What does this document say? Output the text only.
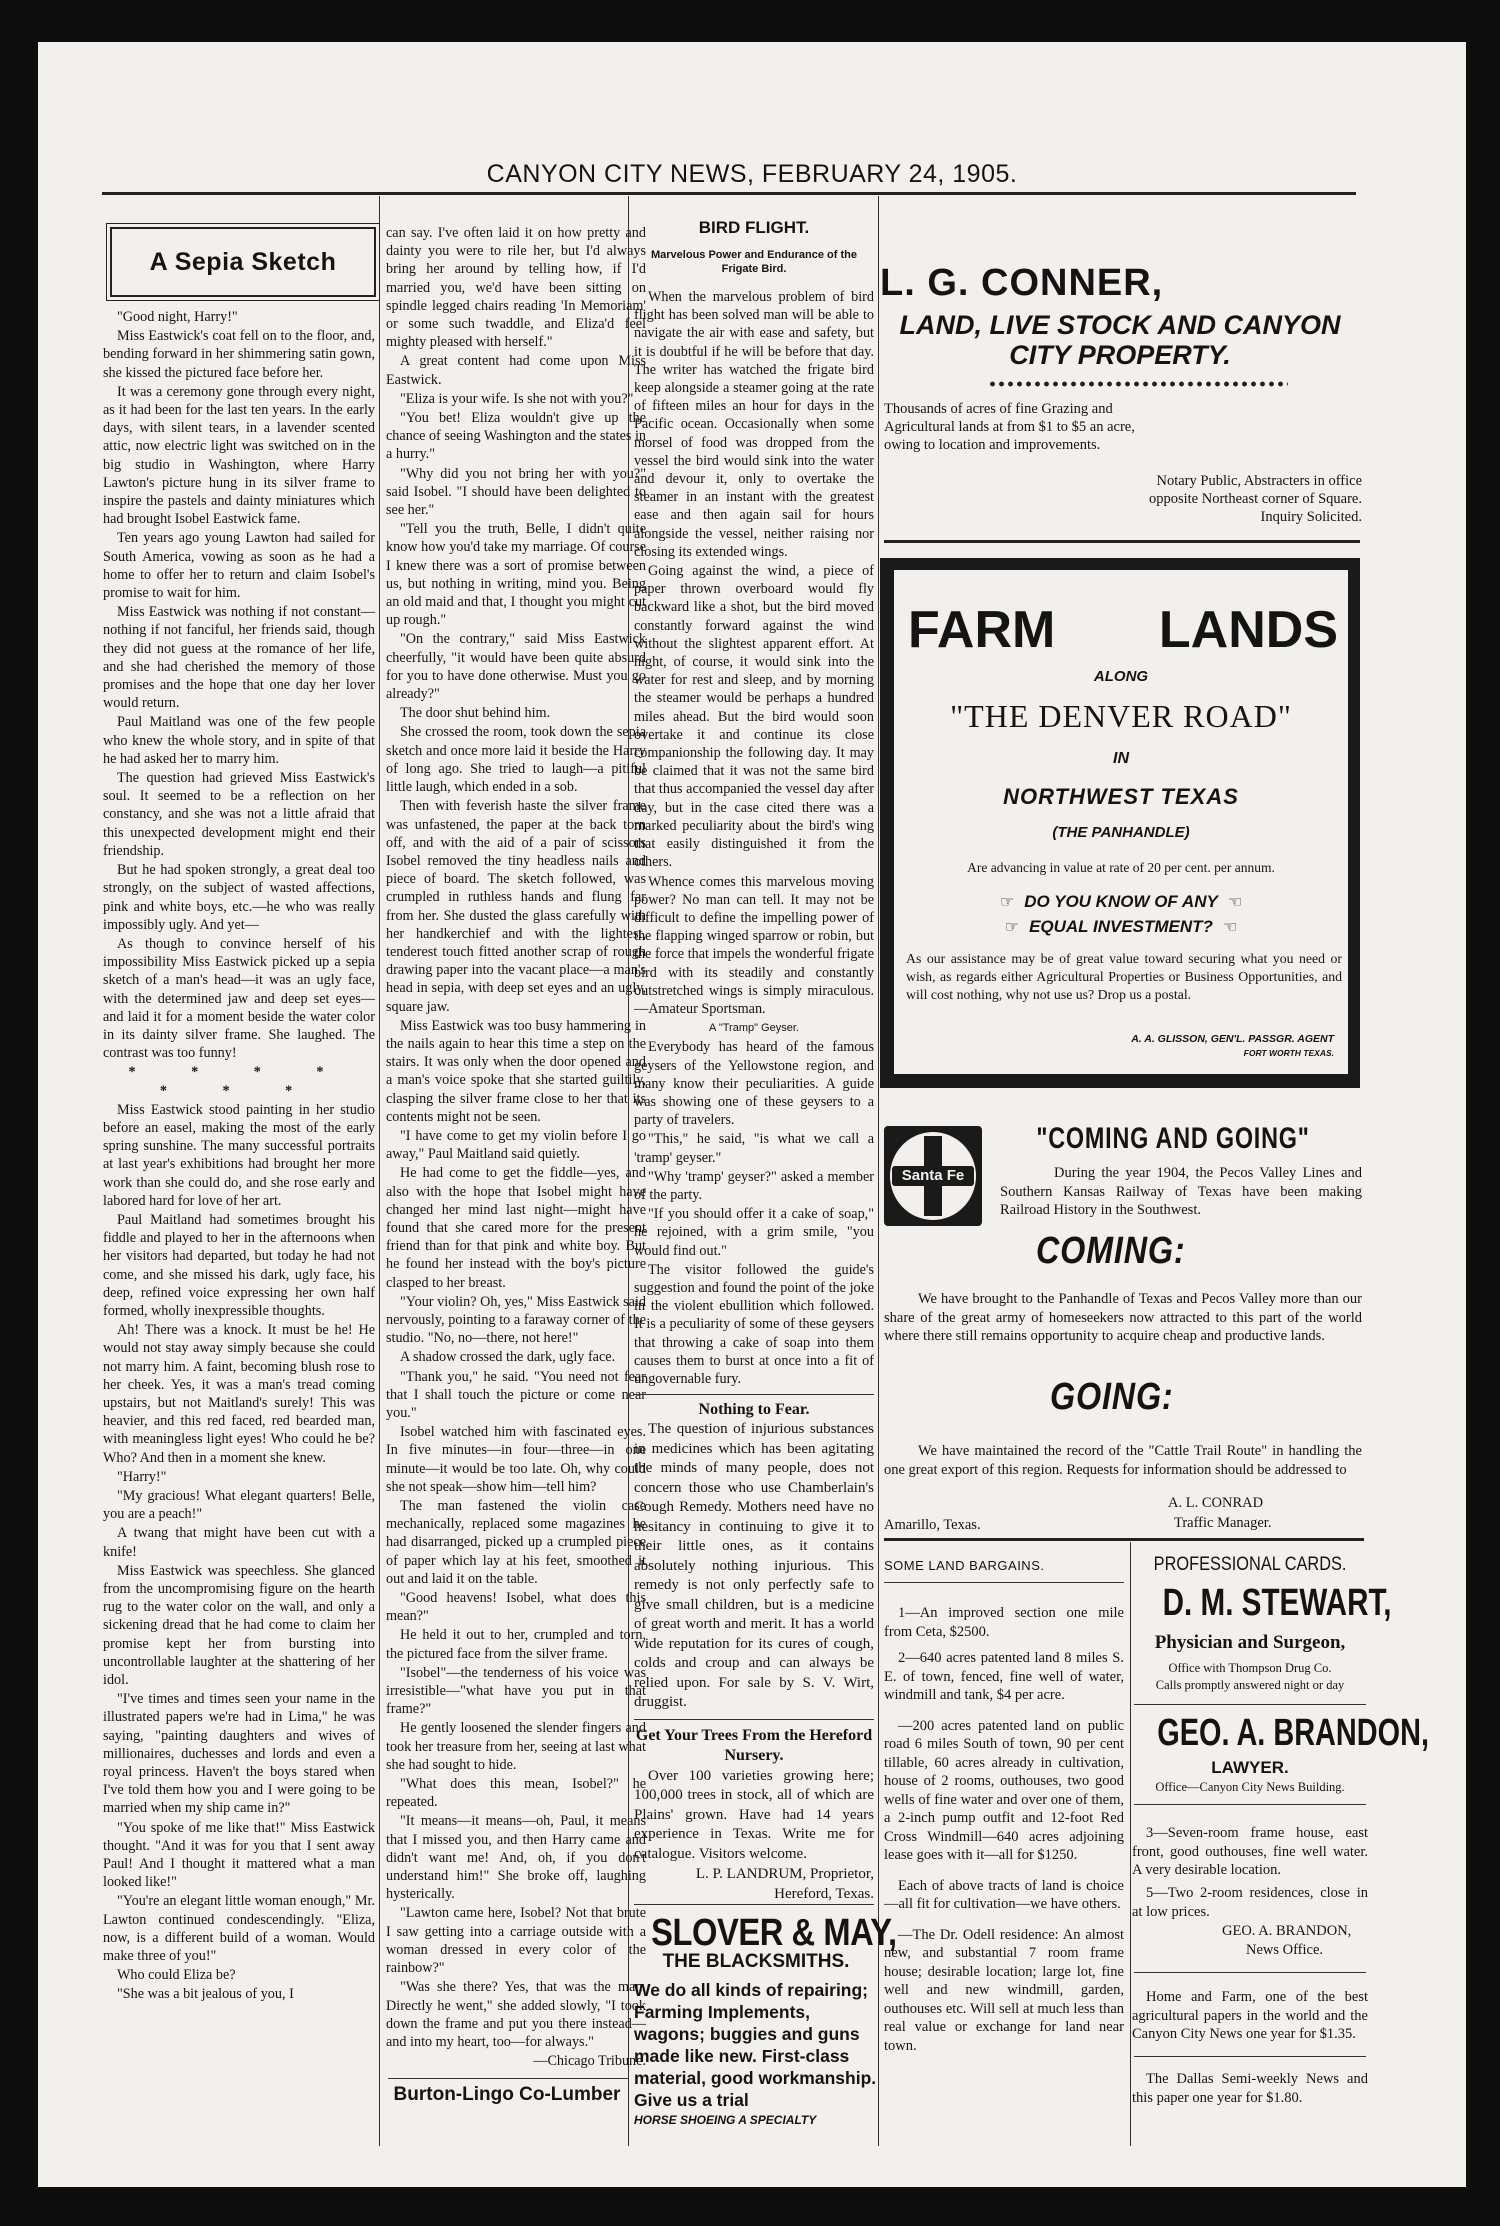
CANYON CITY NEWS, FEBRUARY 24, 1905.
A Sepia Sketch

"Good night, Harry!"

Miss Eastwick's coat fell on to the floor, and, bending forward in her shimmering satin gown, she kissed the pictured face before her.

It was a ceremony gone through every night, as it had been for the last ten years. In the early days, with silent tears, in a lavender scented attic, now electric light was switched on in the big studio in Washington, where Harry Lawton's picture hung in its silver frame to inspire the pastels and dainty miniatures which had brought Isobel Eastwick fame.

Ten years ago young Lawton had sailed for South America, vowing as soon as he had a home to offer her to return and claim Isobel's promise to wait for him.

Miss Eastwick was nothing if not constant—nothing if not fanciful, her friends said, though they did not guess at the romance of her life, and she had cherished the memory of those promises and the hope that one day her lover would return.

Paul Maitland was one of the few people who knew the whole story, and in spite of that he had asked her to marry him.

The question had grieved Miss Eastwick's soul. It seemed to be a reflection on her constancy, and she was not a little afraid that this unexpected development might end their friendship.

But he had spoken strongly, a great deal too strongly, on the subject of wasted affections, pink and white boys, etc.—he who was really impossibly ugly. And yet—

As though to convince herself of his impossibility Miss Eastwick picked up a sepia sketch of a man's head—it was an ugly face, with the determined jaw and deep set eyes—and laid it for a moment beside the water color in its dainty silver frame. She laughed. The contrast was too funny!

* * * * * * *

Miss Eastwick stood painting in her studio before an easel, making the most of the early spring sunshine. The many successful portraits at last year's exhibitions had brought her more work than she could do, and she rose early and labored hard for love of her art.

Paul Maitland had sometimes brought his fiddle and played to her in the afternoons when her visitors had departed, but today he had not come, and she missed his dark, ugly face, his deep, refined voice expressing her own half formed, wholly inexpressible thoughts.

Ah! There was a knock. It must be he! He would not stay away simply because she could not marry him. A faint, becoming blush rose to her cheek. Yes, it was a man's tread coming upstairs, but not Maitland's surely! This was heavier, and this red faced, red bearded man, with meaningless light eyes! Who could he be? Who? And then in a moment she knew.

"Harry!"

"My gracious! What elegant quarters! Belle, you are a peach!"

A twang that might have been cut with a knife!

Miss Eastwick was speechless. She glanced from the uncompromising figure on the hearth rug to the water color on the wall, and only a sickening dread that he had come to claim her promise kept her from bursting into uncontrollable laughter at the shattering of her idol.

"I've times and times seen your name in the illustrated papers we're had in Lima," he was saying, "painting daughters and wives of millionaires, duchesses and lords and even a royal princess. Haven't the boys stared when I've told them how you and I were going to be married when my ship came in?"

"You spoke of me like that!" Miss Eastwick thought. "And it was for you that I sent away Paul! And I thought it mattered what a man looked like!"

"You're an elegant little woman enough," Mr. Lawton continued condescendingly. "Eliza, now, is a different build of a woman. Would make three of you!"

Who could Eliza be?

"She was a bit jealous of you, I

can say. I've often laid it on how pretty and dainty you were to rile her, but I'd always bring her around by telling how, if I'd married you, we'd have been sitting on spindle legged chairs reading 'In Memoriam' or some such twaddle, and Eliza'd feel mighty pleased with herself."

A great content had come upon Miss Eastwick.

"Eliza is your wife. Is she not with you?"

"You bet! Eliza wouldn't give up the chance of seeing Washington and the states in a hurry."

"Why did you not bring her with you?" said Isobel. "I should have been delighted to see her."

"Tell you the truth, Belle, I didn't quite know how you'd take my marriage. Of course I knew there was a sort of promise between us, but nothing in writing, mind you. Being an old maid and that, I thought you might cut up rough."

"On the contrary," said Miss Eastwick cheerfully, "it would have been quite absurd for you to have done otherwise. Must you go already?"

The door shut behind him.

She crossed the room, took down the sepia sketch and once more laid it beside the Harry of long ago. She tried to laugh—a pitiful little laugh, which ended in a sob.

Then with feverish haste the silver frame was unfastened, the paper at the back torn off, and with the aid of a pair of scissors Isobel removed the tiny headless nails and piece of board. The sketch followed, was crumpled in ruthless hands and flung far from her. She dusted the glass carefully with her handkerchief and with the lightest, tenderest touch fitted another scrap of rough drawing paper into the vacant place—a man's head in sepia, with deep set eyes and an ugly, square jaw.

Miss Eastwick was too busy hammering in the nails again to hear this time a step on the stairs. It was only when the door opened and a man's voice spoke that she started guiltily, clasping the silver frame close to her that its contents might not be seen.

"I have come to get my violin before I go away," Paul Maitland said quietly.

He had come to get the fiddle—yes, and also with the hope that Isobel might have changed her mind last night—might have found that she cared more for the present friend than for that pink and white boy. But he found her instead with the boy's picture clasped to her breast.

"Your violin? Oh, yes," Miss Eastwick said nervously, pointing to a faraway corner of the studio. "No, no—there, not here!"

A shadow crossed the dark, ugly face.

"Thank you," he said. "You need not fear that I shall touch the picture or come near you."

Isobel watched him with fascinated eyes. In five minutes—in four—three—in one minute—it would be too late. Oh, why could she not speak—show him—tell him?

The man fastened the violin case mechanically, replaced some magazines he had disarranged, picked up a crumpled piece of paper which lay at his feet, smoothed it out and laid it on the table.

"Good heavens! Isobel, what does this mean?"

He held it out to her, crumpled and torn, the pictured face from the silver frame.

"Isobel"—the tenderness of his voice was irresistible—"what have you put in that frame?"

He gently loosened the slender fingers and took her treasure from her, seeing at last what she had sought to hide.

"What does this mean, Isobel?" he repeated.

"It means—it means—oh, Paul, it means that I missed you, and then Harry came and didn't want me! And, oh, if you don't understand him!" She broke off, laughing hysterically.

"Lawton came here, Isobel? Not that brute I saw getting into a carriage outside with a woman dressed in every color of the rainbow?"

"Was she there? Yes, that was the man. Directly he went," she added slowly, "I took down the frame and put you there instead—and into my heart, too—for always."

—Chicago Tribune.

Burton-Lingo Co-Lumber
BIRD FLIGHT.
Marvelous Power and Endurance of the Frigate Bird.

When the marvelous problem of bird flight has been solved man will be able to navigate the air with ease and safety, but it is doubtful if he will be before that day. The writer has watched the frigate bird keep alongside a steamer going at the rate of fifteen miles an hour for days in the Pacific ocean. Occasionally when some morsel of food was dropped from the vessel the bird would sink into the water and devour it, only to overtake the steamer in an instant with the greatest ease and then again sail for hours alongside the vessel, neither raising nor closing its extended wings.

Going against the wind, a piece of paper thrown overboard would fly backward like a shot, but the bird moved constantly forward against the wind without the slightest apparent effort. At night, of course, it would sink into the water for rest and sleep, and by morning the steamer would be perhaps a hundred miles ahead. But the bird would soon overtake it and continue its close companionship the following day. It may be claimed that it was not the same bird that thus accompanied the vessel day after day, but in the case cited there was a marked peculiarity about the bird's wing that easily distinguished it from the others.

Whence comes this marvelous moving power? No man can tell. It may not be difficult to define the impelling power of the flapping winged sparrow or robin, but the force that impels the wonderful frigate bird with its steadily and constantly outstretched wings is simply miraculous.—Amateur Sportsman.

A "Tramp" Geyser.

Everybody has heard of the famous geysers of the Yellowstone region, and many know their peculiarities. A guide was showing one of these geysers to a party of travelers.

"This," he said, "is what we call a 'tramp' geyser."

"Why 'tramp' geyser?" asked a member of the party.

"If you should offer it a cake of soap," he rejoined, with a grim smile, "you would find out."

The visitor followed the guide's suggestion and found the point of the joke in the violent ebullition which followed. It is a peculiarity of some of these geysers that throwing a cake of soap into them causes them to burst at once into a fit of ungovernable fury.

Nothing to Fear.

The question of injurious substances in medicines which has been agitating the minds of many people, does not concern those who use Chamberlain's Cough Remedy. Mothers need have no hesitancy in continuing to give it to their little ones, as it contains absolutely nothing injurious. This remedy is not only perfectly safe to give small children, but is a medicine of great worth and merit. It has a world wide reputation for its cures of cough, colds and croup and can always be relied upon. For sale by S. V. Wirt, druggist.

Get Your Trees From the Hereford Nursery.

Over 100 varieties growing here; 100,000 trees in stock, all of which are Plains' grown. Have had 14 years experience in Texas. Write me for catalogue. Visitors welcome.

L. P. LANDRUM, Proprietor,

Hereford, Texas.

SLOVER & MAY,
THE BLACKSMITHS.
We do all kinds of repairing; Farming Implements, wagons; buggies and guns made like new. First-class material, good workmanship. Give us a trial
HORSE SHOEING A SPECIALTY
L. G. CONNER,
LAND, LIVE STOCK AND CANYON CITY PROPERTY.
Thousands of acres of fine Grazing and Agricultural lands at from $1 to $5 an acre, owing to location and improvements.
Notary Public, Abstracters in office opposite Northeast corner of Square. Inquiry Solicited.
FARM LANDS
ALONG
"THE DENVER ROAD"
IN
NORTHWEST TEXAS
(THE PANHANDLE)
Are advancing in value at rate of 20 per cent. per annum.
☞ DO YOU KNOW OF ANY ☜
☞ EQUAL INVESTMENT? ☜
As our assistance may be of great value toward securing what you need or wish, as regards either Agricultural Properties or Business Opportunities, and will cost nothing, why not use us? Drop us a postal.
A. A. GLISSON, GEN'L. PASSGR. AGENT
FORT WORTH TEXAS.
Santa Fe
"COMING AND GOING"
During the year 1904, the Pecos Valley Lines and Southern Kansas Railway of Texas have been making Railroad History in the Southwest.
COMING:
We have brought to the Panhandle of Texas and Pecos Valley more than our share of the great army of homeseekers now attracted to this part of the world where there still remains opportunity to acquire cheap and productive lands.
GOING:
We have maintained the record of the "Cattle Trail Route" in handling the one great export of this region. Requests for information should be addressed to
A. L. CONRAD
Amarillo, Texas.	Traffic Manager.
SOME LAND BARGAINS.

1—An improved section one mile from Ceta, $2500.

2—640 acres patented land 8 miles S. E. of town, fenced, fine well of water, windmill and tank, $4 per acre.

—200 acres patented land on public road 6 miles South of town, 90 per cent tillable, 60 acres already in cultivation, house of 2 rooms, outhouses, two good wells of fine water and over one of them, a 2-inch pump outfit and 12-foot Red Cross Windmill—640 acres adjoining lease goes with it—all for $1250.

Each of above tracts of land is choice—all fit for cultivation—we have others.

—The Dr. Odell residence: An almost new, and substantial 7 room frame house; desirable location; large lot, fine well and new windmill, garden, outhouses etc. Will sell at much less than real value or exchange for land near town.

PROFESSIONAL CARDS.
D. M. STEWART,
Physician and Surgeon,
Office with Thompson Drug Co.
Calls promptly answered night or day
GEO. A. BRANDON,
LAWYER.
Office—Canyon City News Building.

3—Seven-room frame house, east front, good outhouses, fine well water. A very desirable location.

5—Two 2-room residences, close in at low prices.

GEO. A. BRANDON,
News Office.

Home and Farm, one of the best agricultural papers in the world and the Canyon City News one year for $1.35.

The Dallas Semi-weekly News and this paper one year for $1.80.
